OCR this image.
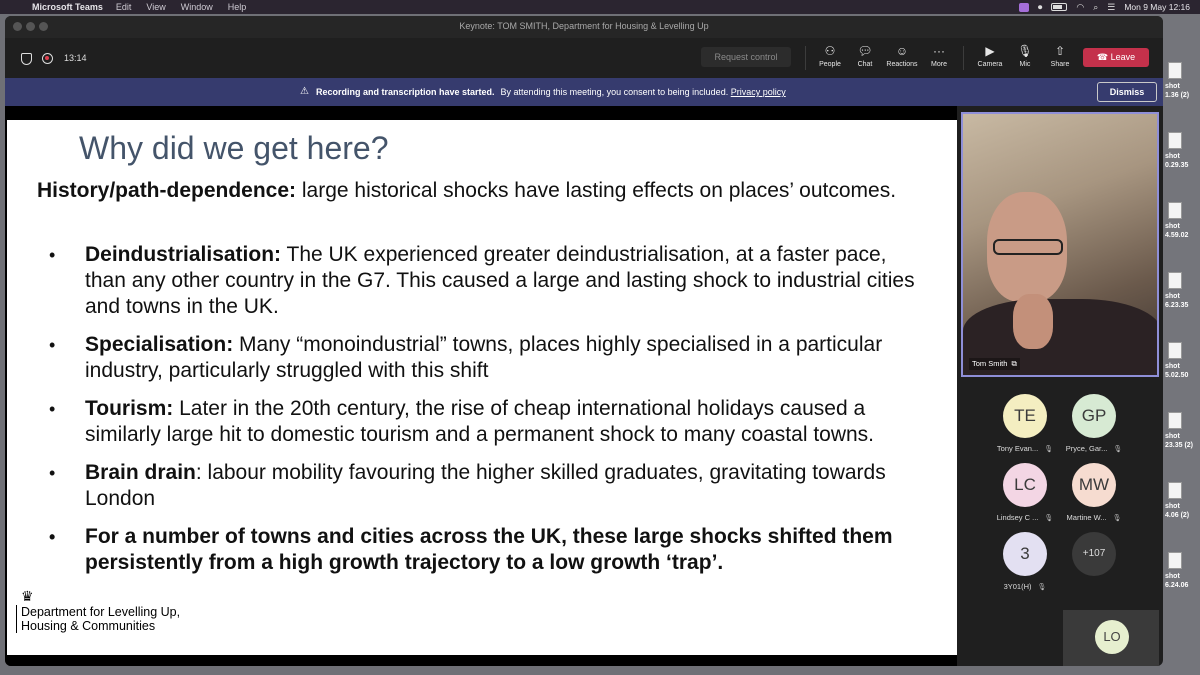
Microsoft Teams Edit View Window Help	⏺	◠ ⌕ ☰ Mon 9 May 12:16
shot
1.36 (2)
shot
0.29.35
shot
4.59.02
shot
6.23.35
shot
5.02.50
shot
23.35 (2)
shot
4.06 (2)
shot
6.24.06
Keynote: TOM SMITH, Department for Housing & Levelling Up
13:14	Request control	⚇
People
💬︎
Chat
☺
Reactions
···
More
▶︎
Camera
🎙︎
Mic
⇧
Share
☎ Leave
⚠ Recording and transcription have started. By attending this meeting, you consent to being included. Privacy policy	Dismiss
Why did we get here?
History/path-dependence: large historical shocks have lasting effects on places’ outcomes.
• Deindustrialisation: The UK experienced greater deindustrialisation, at a faster pace, than any other country in the G7. This caused a large and lasting shock to industrial cities and towns in the UK.
• Specialisation: Many “monoindustrial” towns, places highly specialised in a particular industry, particularly struggled with this shift
• Tourism: Later in the 20th century, the rise of cheap international holidays caused a similarly large hit to domestic tourism and a permanent shock to many coastal towns.
• Brain drain: labour mobility favouring the higher skilled graduates, gravitating towards London
• For a number of towns and cities across the UK, these large shocks shifted them persistently from a high growth trajectory to a low growth ‘trap’.
♛
Department for Levelling Up,
Housing & Communities
Tom Smith ⧉
TE
Tony Evan... 🎙︎
GP
Pryce, Gar... 🎙︎
LC
Lindsey C ... 🎙︎
MW
Martine W... 🎙︎
3
3Y01(H) 🎙︎
+107
LO
